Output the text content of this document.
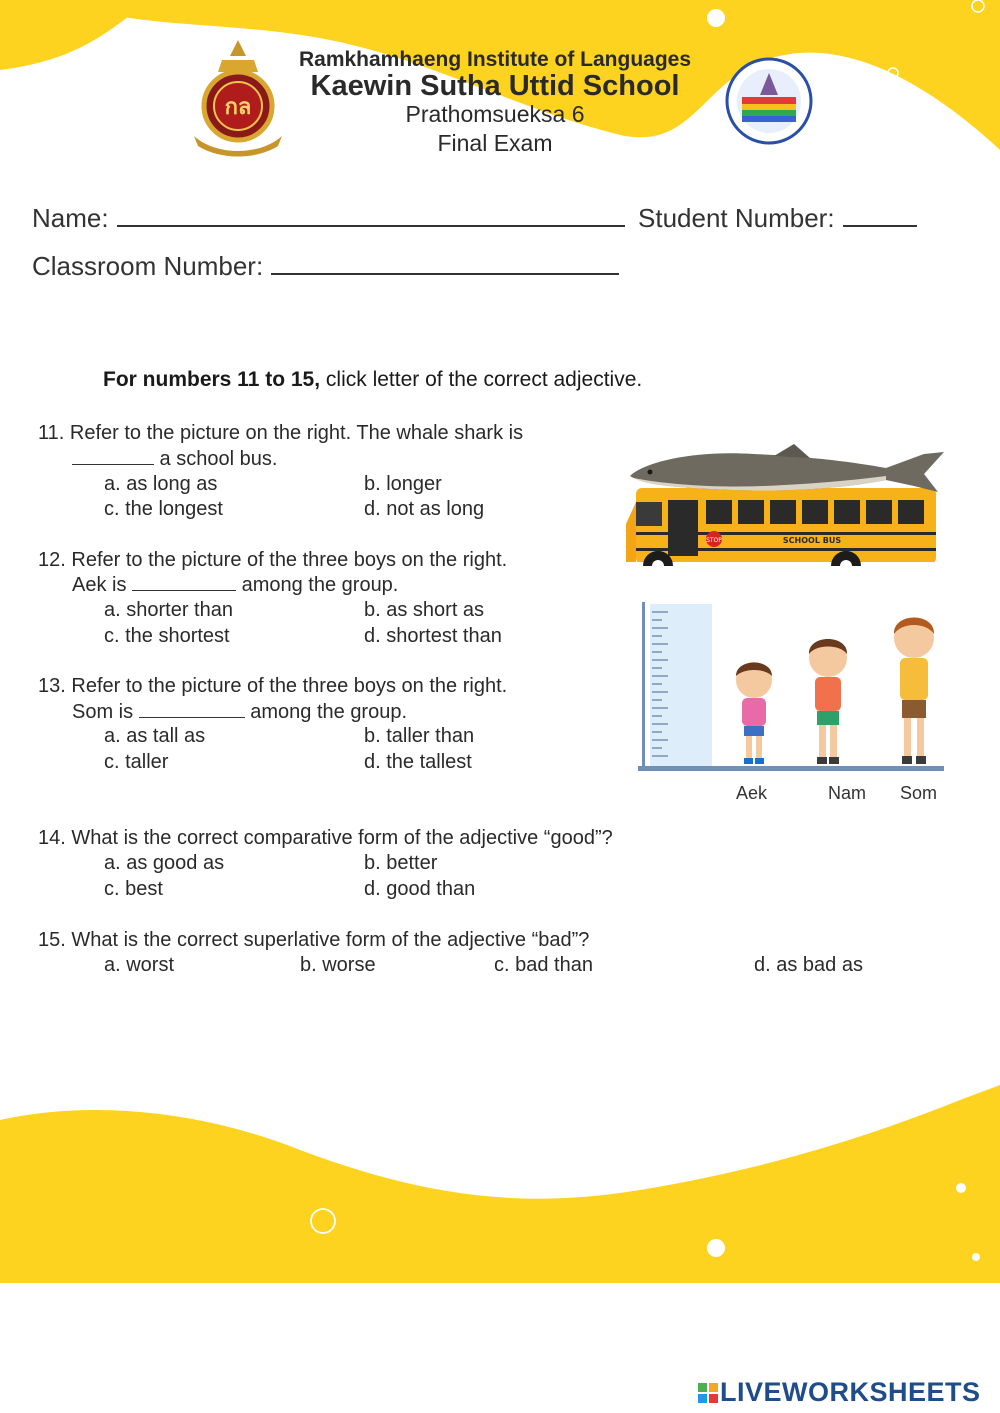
กล
Ramkhamhaeng Institute of Languages
Kaewin Sutha Uttid School
Prathomsueksa 6
Final Exam
Name:	Student Number:
Classroom Number:
For numbers 11 to 15, click letter of the correct adjective.
11. Refer to the picture on the right. The whale shark is
a school bus.
a. as long as	b. longer
c. the longest	d. not as long
12. Refer to the picture of the three boys on the right.
Aek is	among the group.
a. shorter than	b. as short as
c. the shortest	d. shortest than
13. Refer to the picture of the three boys on the right.
Som is	among the group.
a. as tall as	b. taller than
c. taller	d. the tallest
14. What is the correct comparative form of the adjective “good”?
a. as good as	b. better
c. best	d. good than
15. What is the correct superlative form of the adjective “bad”?
a. worst	b. worse	c. bad than	d. as bad as
STOP	SCHOOL BUS
Aek	Nam Som
LIVEWORKSHEETS
